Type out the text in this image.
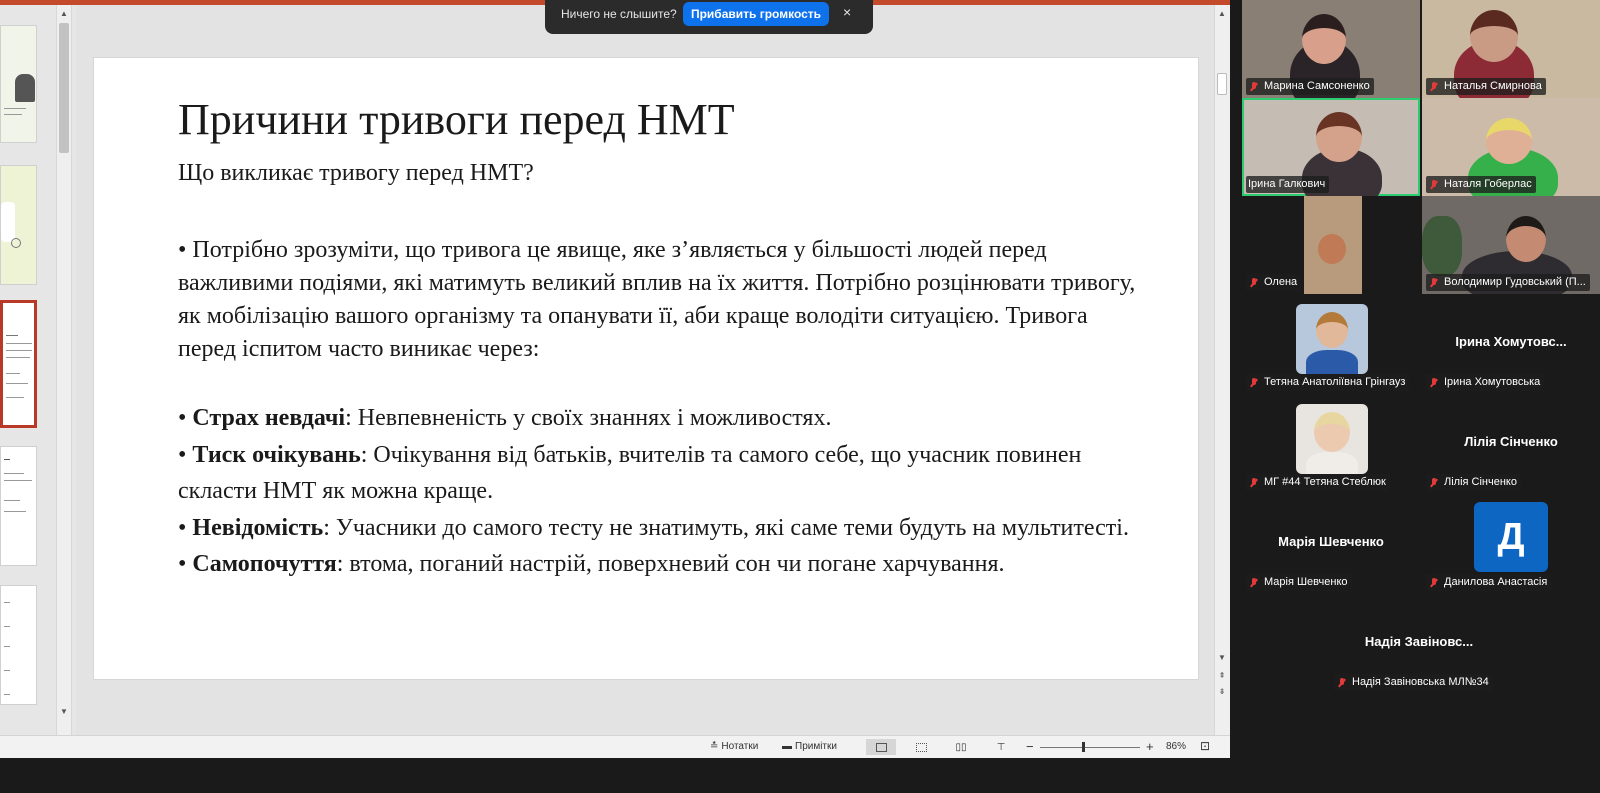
▲
▼
Причини тривоги перед НМТ
Що викликає тривогу перед НМТ?
• Потрібно зрозуміти, що тривога це явище, яке з’являється у більшості людей перед важливими подіями, які матимуть великий вплив на їх життя. Потрібно розцінювати тривогу, як мобілізацію вашого організму та опанувати її, аби краще володіти ситуацією. Тривога перед іспитом часто виникає через:
• Страх невдачі: Невпевненість у своїх знаннях і можливостях.
• Тиск очікувань: Очікування від батьків, вчителів та самого себе, що учасник повинен скласти НМТ як можна краще.
• Невідомість: Учасники до самого тесту не знатимуть, які саме теми будуть на мультитесті.
• Самопочуття: втома, поганий настрій, поверхневий сон чи погане харчування.
▲
▼
⇞
⇟
≛ Нотатки ▬ Примітки	▯▯	⊤ −	+ 86% ⊡
Ничего не слышите?	Прибавить громкость	×
Марина Самсоненко	Наталья Смирнова
Ірина Галкович	Наталя Гоберлас
Олена	Володимир Гудовський (П...
Тетяна Анатоліївна Грінгауз
Ірина Хомутовс...
Ірина Хомутовська
МГ #44 Тетяна Стеблюк
Лілія Сінченко
Лілія Сінченко
Марія Шевченко
Марія Шевченко	Данилова Анастасія
Д
Надія Завіновс...
Надія Завіновська МЛ№34
